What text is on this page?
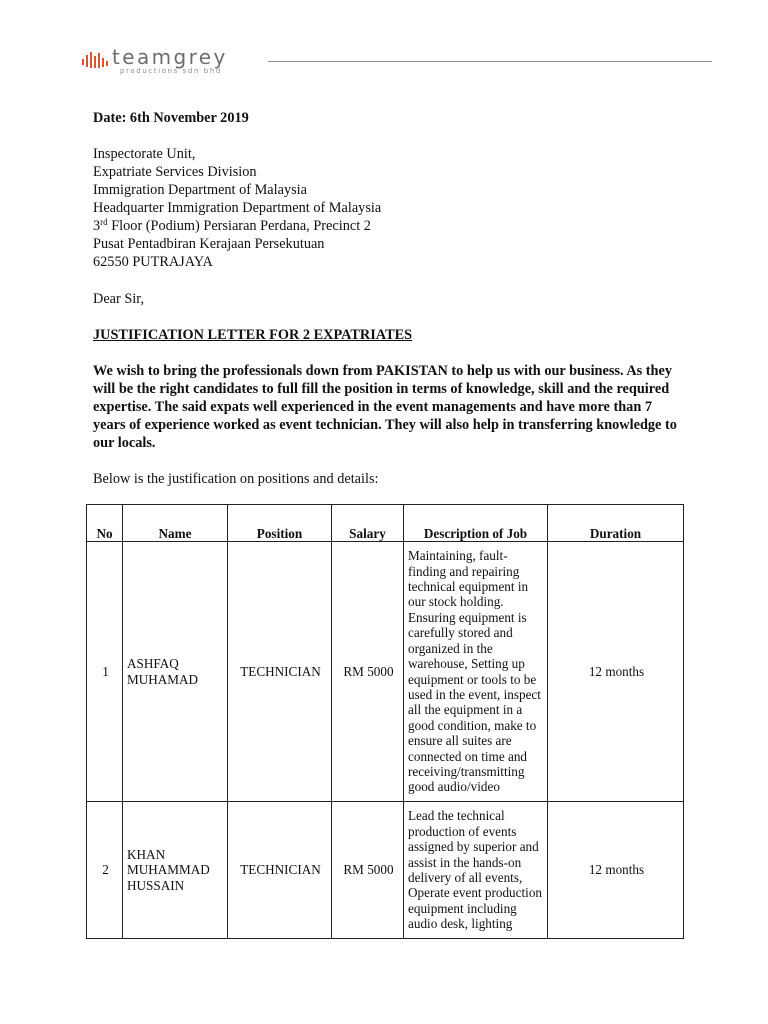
teamgrey
productions sdn bhd
Date: 6th November 2019
Inspectorate Unit,
Expatriate Services Division
Immigration Department of Malaysia
Headquarter Immigration Department of Malaysia
3rd Floor (Podium) Persiaran Perdana, Precinct 2
Pusat Pentadbiran Kerajaan Persekutuan
62550 PUTRAJAYA
Dear Sir,
JUSTIFICATION LETTER FOR 2 EXPATRIATES
We wish to bring the professionals down from PAKISTAN to help us with our business. As they will be the right candidates to full fill the position in terms of knowledge, skill and the required expertise. The said expats well experienced in the event managements and have more than 7 years of experience worked as event technician. They will also help in transferring knowledge to our locals.
Below is the justification on positions and details:
No	Name	Position	Salary	Description of Job	Duration
1	ASHFAQ MUHAMAD	TECHNICIAN	RM 5000	Maintaining, fault-finding and repairing technical equipment in our stock holding. Ensuring equipment is carefully stored and organized in the warehouse, Setting up equipment or tools to be used in the event, inspect all the equipment in a good condition, make to ensure all suites are connected on time and receiving/transmitting good audio/video	12 months
2	KHAN MUHAMMAD HUSSAIN	TECHNICIAN	RM 5000	Lead the technical production of events assigned by superior and assist in the hands-on delivery of all events, Operate event production equipment including audio desk, lighting	12 months
